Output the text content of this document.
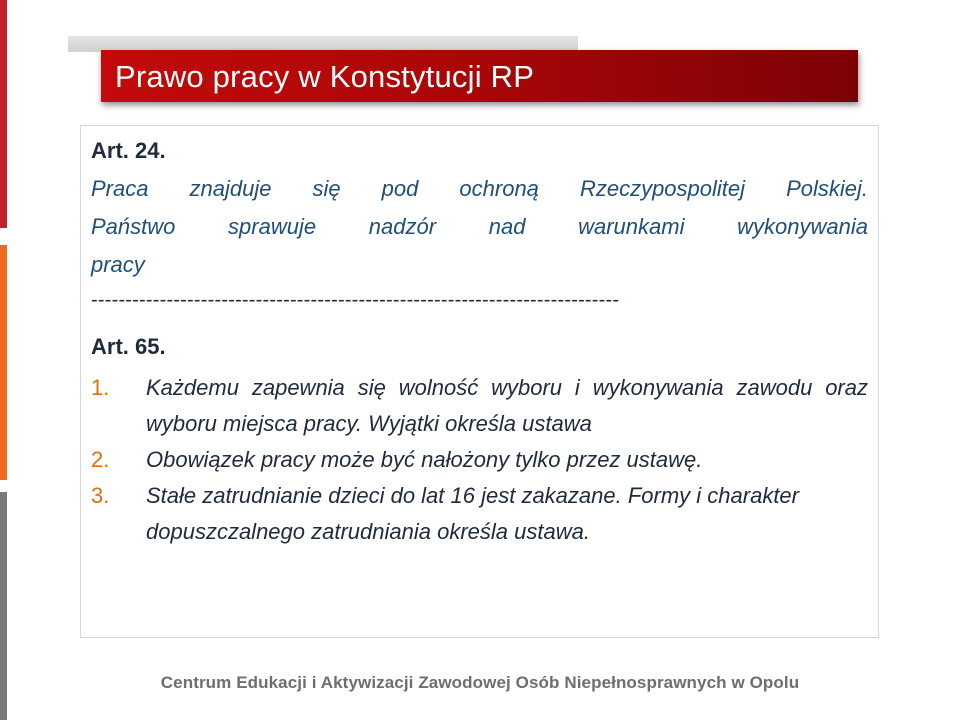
Prawo pracy w Konstytucji RP
Art. 24.

Praca znajduje się pod ochroną Rzeczypospolitej Polskiej.

Państwo sprawuje nadzór nad warunkami wykonywania

pracy

-----------------------------------------------------------------------------
Art. 65.
1. Każdemu zapewnia się wolność wyboru i wykonywania zawodu oraz wyboru miejsca pracy. Wyjątki określa ustawa
2. Obowiązek pracy może być nałożony tylko przez ustawę.
3. Stałe zatrudnianie dzieci do lat 16 jest zakazane. Formy i charakter dopuszczalnego zatrudniania określa ustawa.
Centrum Edukacji i Aktywizacji Zawodowej Osób Niepełnosprawnych w Opolu
